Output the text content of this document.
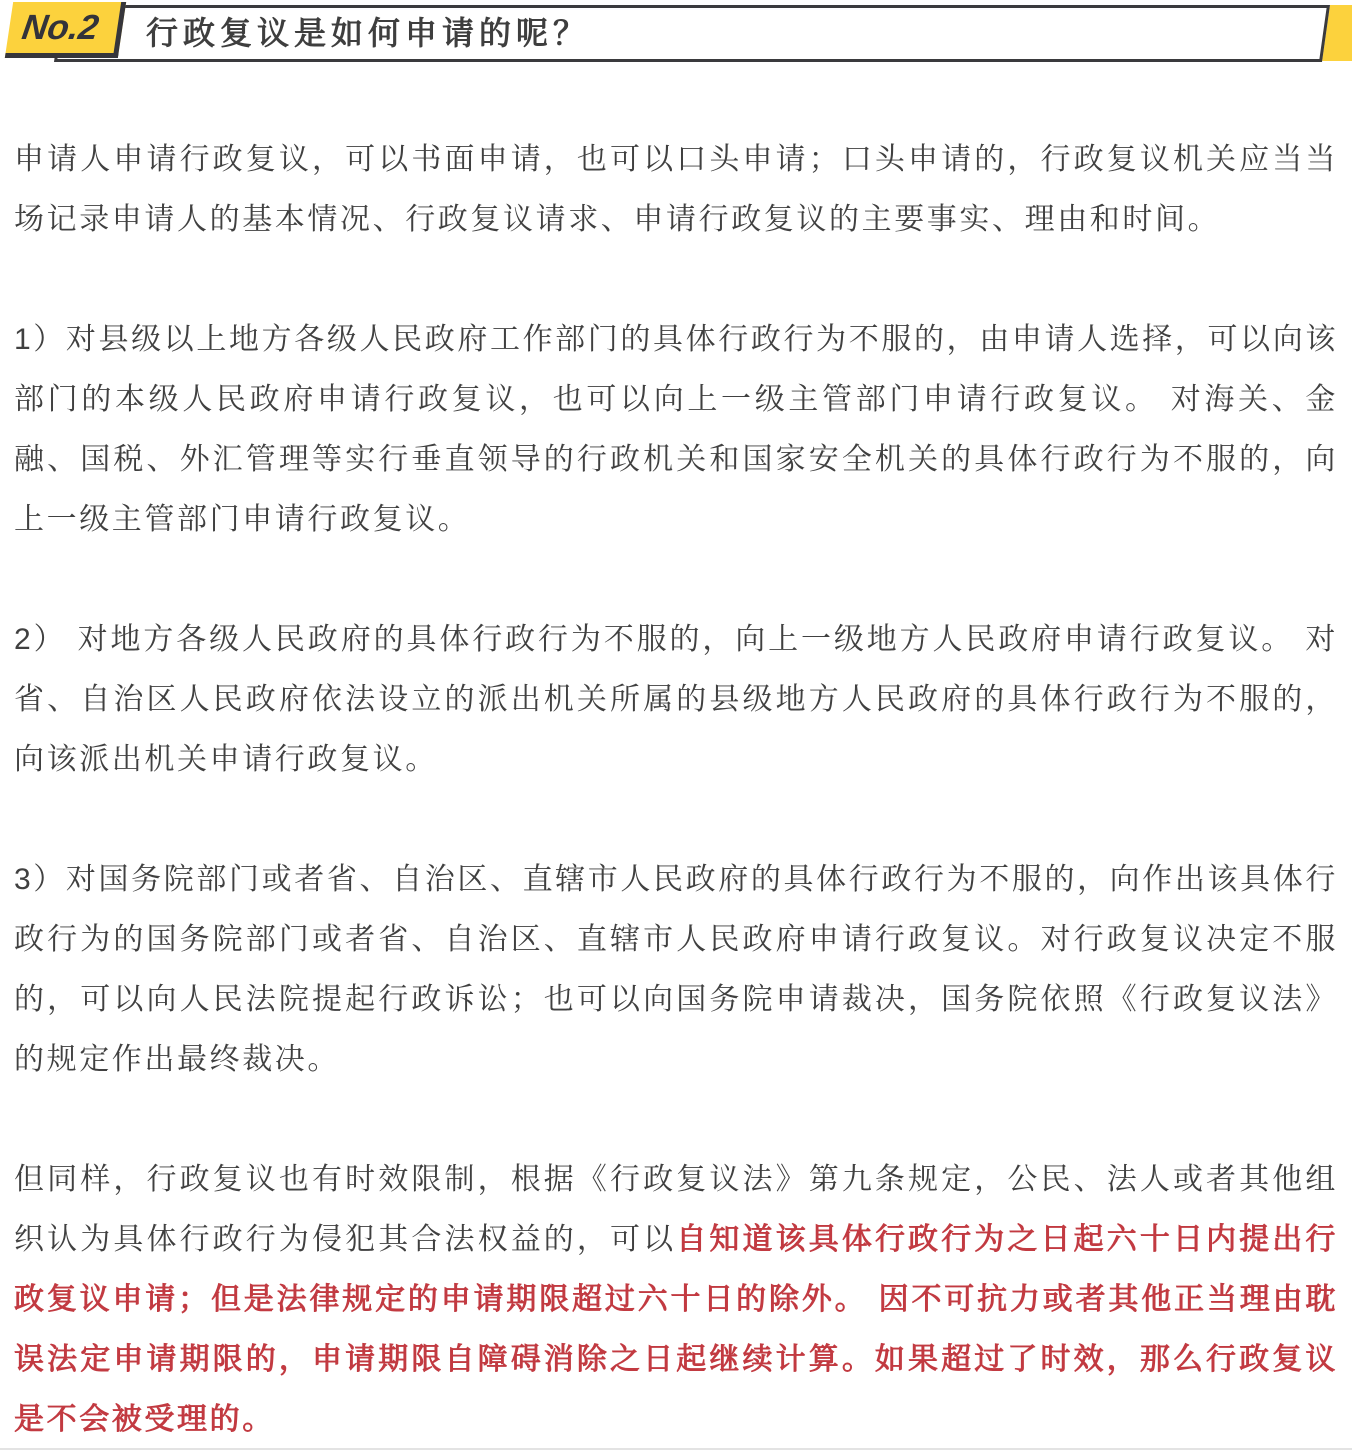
No.2 行政复议是如何申请的呢？

申请人申请行政复议，可以书面申请，也可以口头申请；口头申请的，行政复议机关应当当场记录申请人的基本情况、行政复议请求、申请行政复议的主要事实、理由和时间。

1）对县级以上地方各级人民政府工作部门的具体行政行为不服的，由申请人选择，可以向该部门的本级人民政府申请行政复议，也可以向上一级主管部门申请行政复议。 对海关、金融、国税、外汇管理等实行垂直领导的行政机关和国家安全机关的具体行政行为不服的，向上一级主管部门申请行政复议。

2） 对地方各级人民政府的具体行政行为不服的，向上一级地方人民政府申请行政复议。 对省、自治区人民政府依法设立的派出机关所属的县级地方人民政府的具体行政行为不服的，向该派出机关申请行政复议。

3）对国务院部门或者省、自治区、直辖市人民政府的具体行政行为不服的，向作出该具体行政行为的国务院部门或者省、自治区、直辖市人民政府申请行政复议。对行政复议决定不服的，可以向人民法院提起行政诉讼；也可以向国务院申请裁决，国务院依照《行政复议法》的规定作出最终裁决。

但同样，行政复议也有时效限制，根据《行政复议法》第九条规定，公民、法人或者其他组织认为具体行政行为侵犯其合法权益的，可以自知道该具体行政行为之日起六十日内提出行政复议申请；但是法律规定的申请期限超过六十日的除外。 因不可抗力或者其他正当理由耽误法定申请期限的，申请期限自障碍消除之日起继续计算。如果超过了时效，那么行政复议是不会被受理的。
